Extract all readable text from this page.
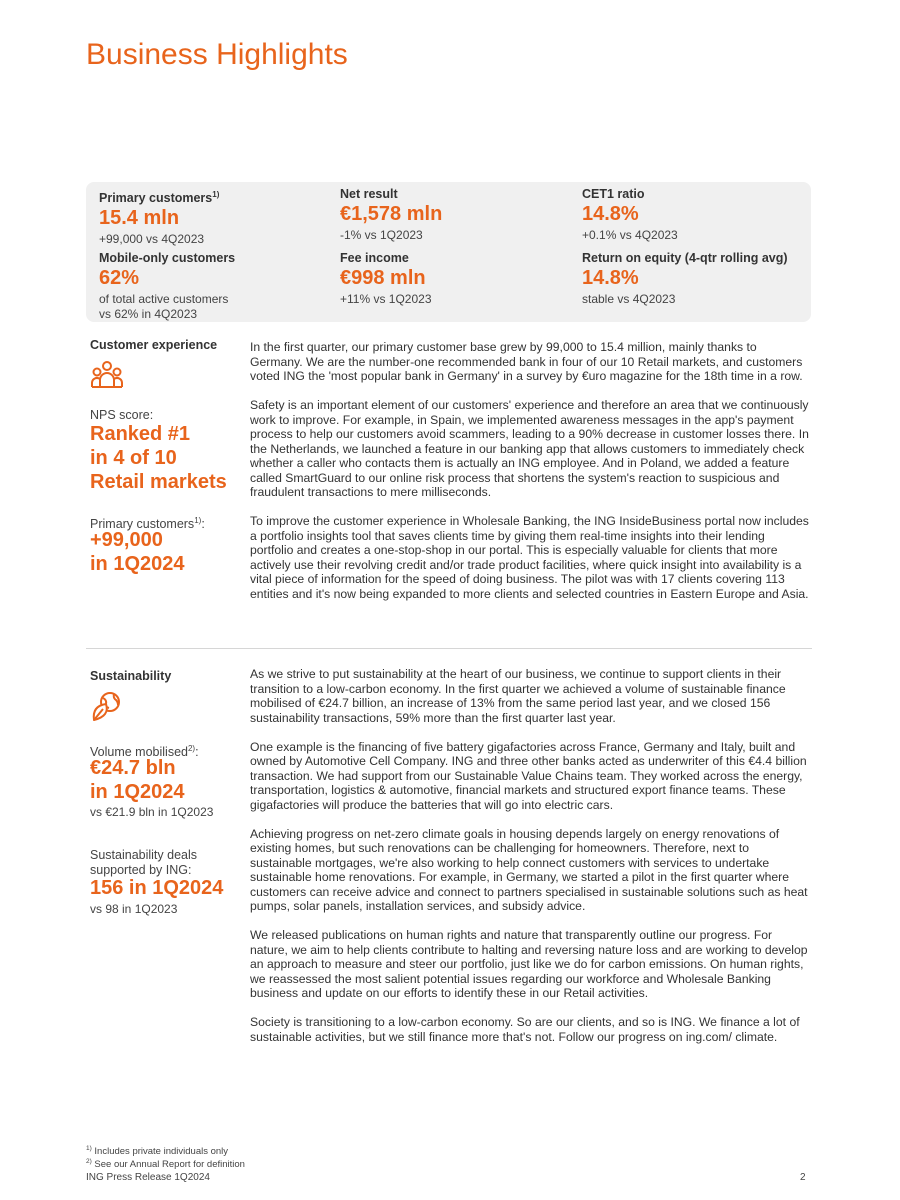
Business Highlights
Primary customers$^{1)}$
15.4 mln
+99,000 vs 4Q2023
Net result
€1,578 mln
-1% vs 1Q2023
CET1 ratio
14.8%
+0.1% vs 4Q2023
Mobile-only customers
62%
of total active customers
vs 62% in 4Q2023
Fee income
€998 mln
+11% vs 1Q2023
Return on equity (4-qtr rolling avg)
14.8%
stable vs 4Q2023
Customer experience
NPS score:
Ranked #1
in 4 of 10
Retail markets
Primary customers$^{1)}$:
+99,000
in 1Q2024

In the first quarter, our primary customer base grew by 99,000 to 15.4 million, mainly thanks to Germany. We are the number-one recommended bank in four of our 10 Retail markets, and customers voted ING the 'most popular bank in Germany' in a survey by €uro magazine for the 18th time in a row.

Safety is an important element of our customers' experience and therefore an area that we continuously work to improve. For example, in Spain, we implemented awareness messages in the app's payment process to help our customers avoid scammers, leading to a 90% decrease in customer losses there. In the Netherlands, we launched a feature in our banking app that allows customers to immediately check whether a caller who contacts them is actually an ING employee. And in Poland, we added a feature called SmartGuard to our online risk process that shortens the system's reaction to suspicious and fraudulent transactions to mere milliseconds.

To improve the customer experience in Wholesale Banking, the ING InsideBusiness portal now includes a portfolio insights tool that saves clients time by giving them real-time insights into their lending portfolio and creates a one-stop-shop in our portal. This is especially valuable for clients that more actively use their revolving credit and/or trade product facilities, where quick insight into availability is a vital piece of information for the speed of doing business. The pilot was with 17 clients covering 113 entities and it's now being expanded to more clients and selected countries in Eastern Europe and Asia.

Sustainability
Volume mobilised$^{2)}$:
€24.7 bln
in 1Q2024
vs €21.9 bln in 1Q2023
Sustainability deals supported by ING:
156 in 1Q2024
vs 98 in 1Q2023

As we strive to put sustainability at the heart of our business, we continue to support clients in their transition to a low-carbon economy. In the first quarter we achieved a volume of sustainable finance mobilised of €24.7 billion, an increase of 13% from the same period last year, and we closed 156 sustainability transactions, 59% more than the first quarter last year.

One example is the financing of five battery gigafactories across France, Germany and Italy, built and owned by Automotive Cell Company. ING and three other banks acted as underwriter of this €4.4 billion transaction. We had support from our Sustainable Value Chains team. They worked across the energy, transportation, logistics & automotive, financial markets and structured export finance teams. These gigafactories will produce the batteries that will go into electric cars.

Achieving progress on net-zero climate goals in housing depends largely on energy renovations of existing homes, but such renovations can be challenging for homeowners. Therefore, next to sustainable mortgages, we're also working to help connect customers with services to undertake sustainable home renovations. For example, in Germany, we started a pilot in the first quarter where customers can receive advice and connect to partners specialised in sustainable solutions such as heat pumps, solar panels, installation services, and subsidy advice.

We released publications on human rights and nature that transparently outline our progress. For nature, we aim to help clients contribute to halting and reversing nature loss and are working to develop an approach to measure and steer our portfolio, just like we do for carbon emissions. On human rights, we reassessed the most salient potential issues regarding our workforce and Wholesale Banking business and update on our efforts to identify these in our Retail activities.

Society is transitioning to a low-carbon economy. So are our clients, and so is ING. We finance a lot of sustainable activities, but we still finance more that's not. Follow our progress on ing.com/ climate.

$^{1)}$ Includes private individuals only
$^{2)}$ See our Annual Report for definition
ING Press Release 1Q2024	2
